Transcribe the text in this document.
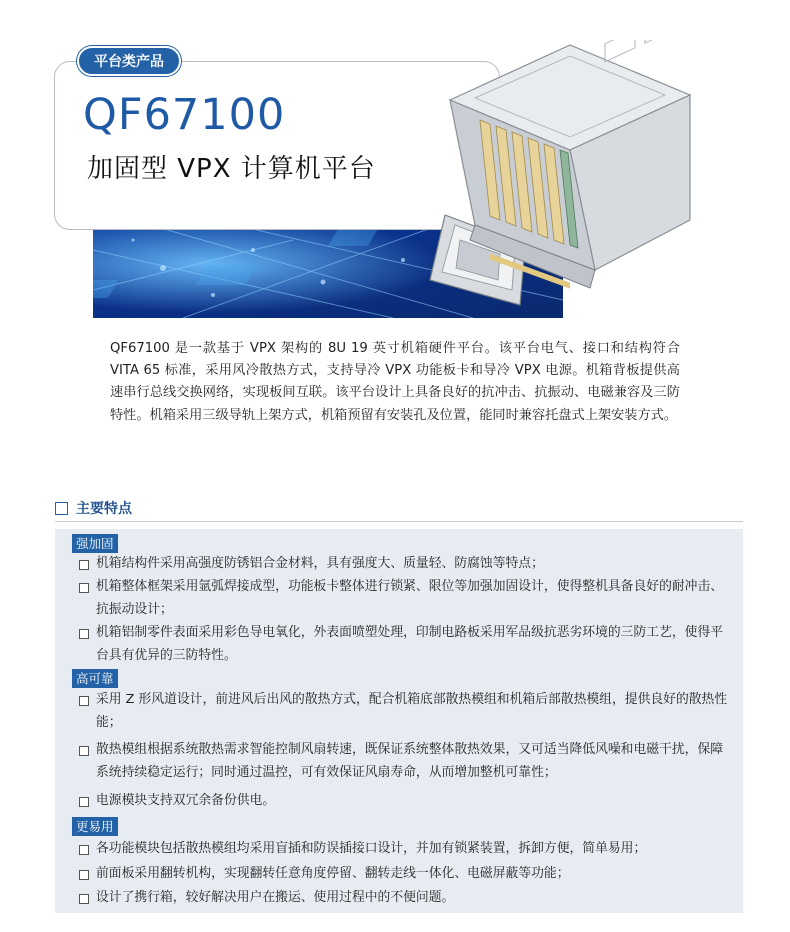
QF67100
加固型 VPX 计算机平台
平台类产品
QF67100 是一款基于 VPX 架构的 8U 19 英寸机箱硬件平台。该平台电气、接口和结构符合 VITA 65 标准，采用风冷散热方式，支持导冷 VPX 功能板卡和导冷 VPX 电源。机箱背板提供高速串行总线交换网络，实现板间互联。该平台设计上具备良好的抗冲击、抗振动、电磁兼容及三防特性。机箱采用三级导轨上架方式，机箱预留有安装孔及位置，能同时兼容托盘式上架安装方式。
主要特点
强加固
机箱结构件采用高强度防锈铝合金材料，具有强度大、质量轻、防腐蚀等特点；
机箱整体框架采用氩弧焊接成型，功能板卡整体进行锁紧、限位等加强加固设计，使得整机具备良好的耐冲击、抗振动设计；
机箱铝制零件表面采用彩色导电氧化，外表面喷塑处理，印制电路板采用军品级抗恶劣环境的三防工艺，使得平台具有优异的三防特性。
高可靠
采用 Z 形风道设计，前进风后出风的散热方式，配合机箱底部散热模组和机箱后部散热模组，提供良好的散热性能；
散热模组根据系统散热需求智能控制风扇转速，既保证系统整体散热效果，又可适当降低风噪和电磁干扰，保障系统持续稳定运行；同时通过温控，可有效保证风扇寿命，从而增加整机可靠性；
电源模块支持双冗余备份供电。
更易用
各功能模块包括散热模组均采用盲插和防误插接口设计，并加有锁紧装置，拆卸方便，简单易用；
前面板采用翻转机构，实现翻转任意角度停留、翻转走线一体化、电磁屏蔽等功能；
设计了携行箱，较好解决用户在搬运、使用过程中的不便问题。
